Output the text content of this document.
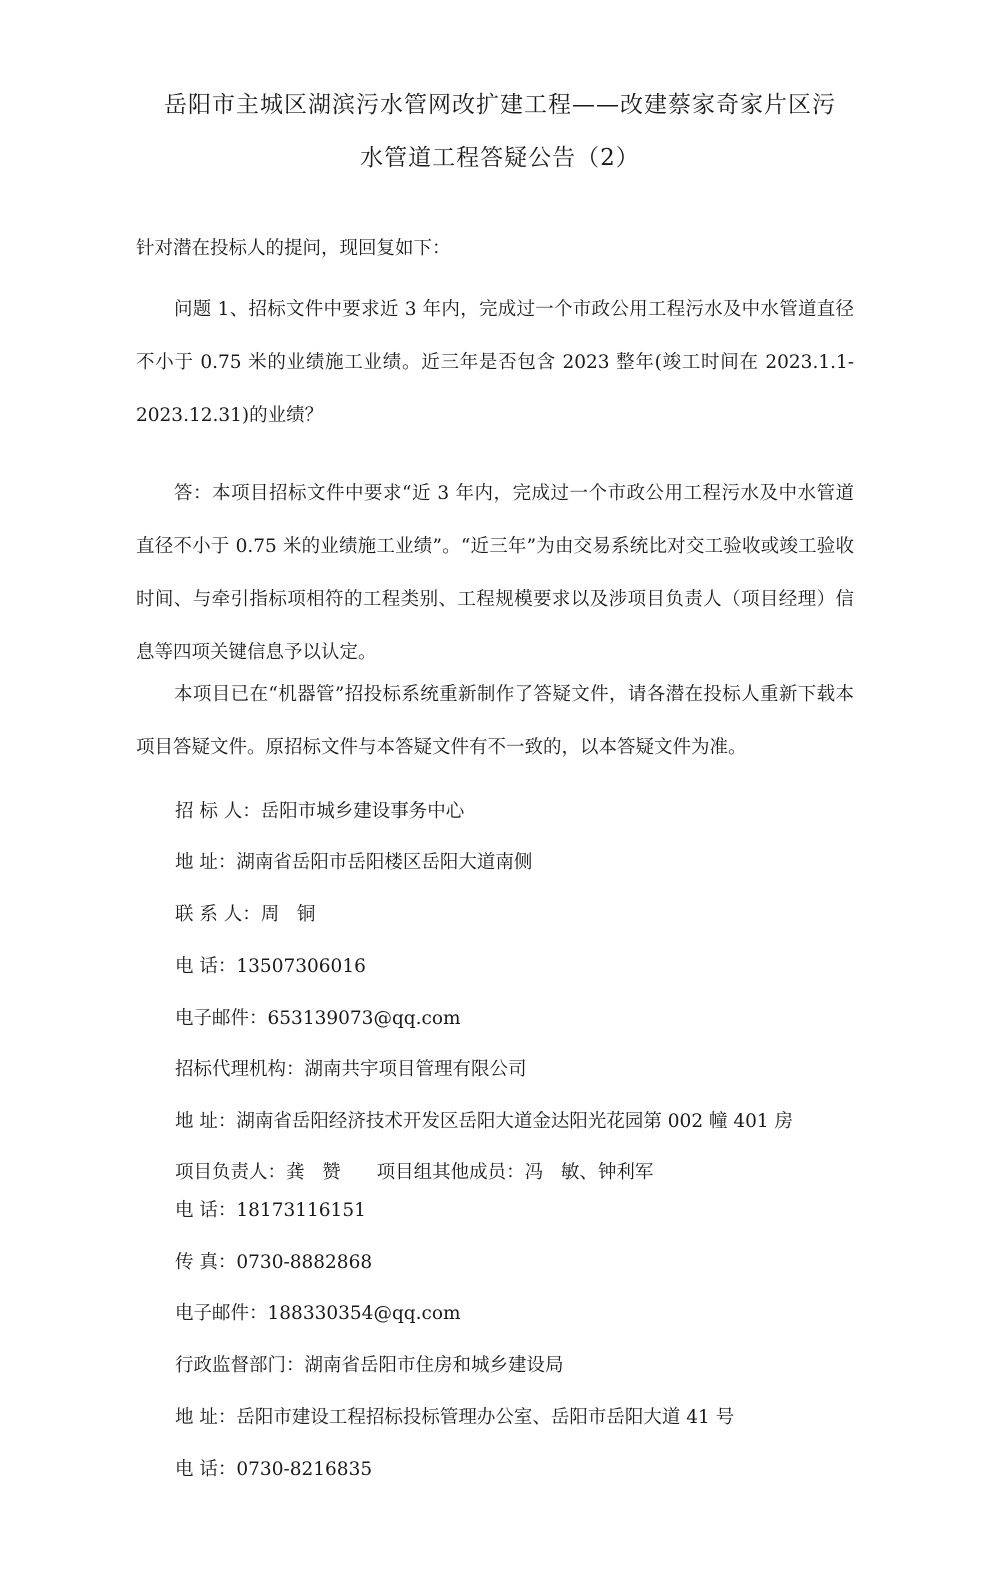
岳阳市主城区湖滨污水管网改扩建工程——改建蔡家奇家片区污
水管道工程答疑公告（2）
针对潜在投标人的提问，现回复如下：
问题 1、招标文件中要求近 3 年内，完成过一个市政公用工程污水及中水管道直径不小于 0.75 米的业绩施工业绩。近三年是否包含 2023 整年(竣工时间在 2023.1.1-2023.12.31)的业绩？
答：本项目招标文件中要求“近 3 年内，完成过一个市政公用工程污水及中水管道直径不小于 0.75 米的业绩施工业绩”。“近三年”为由交易系统比对交工验收或竣工验收时间、与牵引指标项相符的工程类别、工程规模要求以及涉项目负责人（项目经理）信息等四项关键信息予以认定。
本项目已在“机器管”招投标系统重新制作了答疑文件，请各潜在投标人重新下载本项目答疑文件。原招标文件与本答疑文件有不一致的，以本答疑文件为准。
招 标 人：岳阳市城乡建设事务中心
地 址：湖南省岳阳市岳阳楼区岳阳大道南侧
联 系 人：周   铜
电 话：13507306016
电子邮件：653139073@qq.com
招标代理机构：湖南共宇项目管理有限公司
地 址：湖南省岳阳经济技术开发区岳阳大道金达阳光花园第 002 幢 401 房
项目负责人：龚   赞 项目组其他成员：冯   敏、钟利军
电 话：18173116151
传 真：0730-8882868
电子邮件：188330354@qq.com
行政监督部门：湖南省岳阳市住房和城乡建设局
地 址：岳阳市建设工程招标投标管理办公室、岳阳市岳阳大道 41 号
电 话：0730-8216835
